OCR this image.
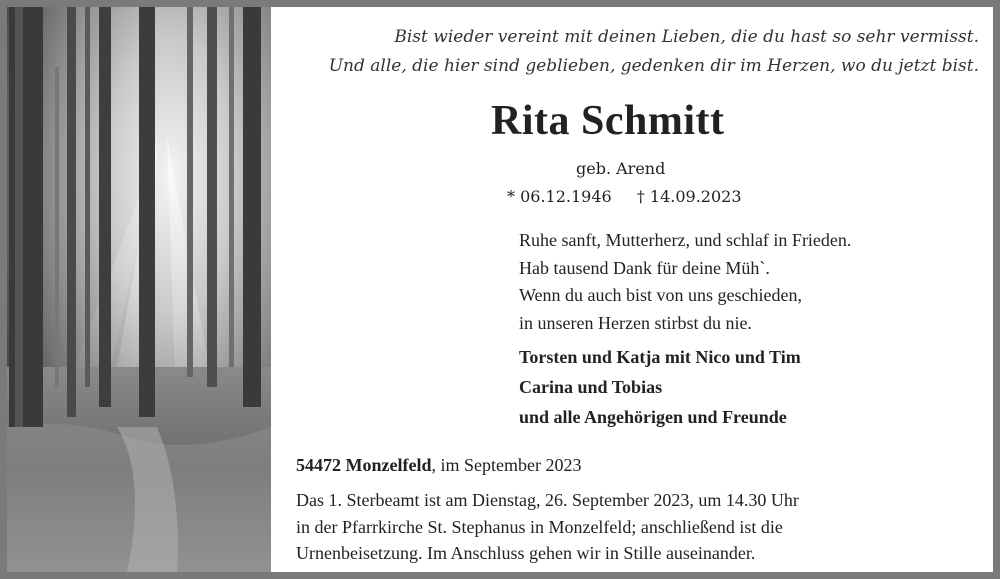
Bist wieder vereint mit deinen Lieben, die du hast so sehr vermisst.
Und alle, die hier sind geblieben, gedenken dir im Herzen, wo du jetzt bist.
Rita Schmitt
geb. Arend
* 06.12.1946 † 14.09.2023
Ruhe sanft, Mutterherz, und schlaf in Frieden.
Hab tausend Dank für deine Müh`.
Wenn du auch bist von uns geschieden,
in unseren Herzen stirbst du nie.
Torsten und Katja mit Nico und Tim
Carina und Tobias
und alle Angehörigen und Freunde
54472 Monzelfeld, im September 2023
Das 1. Sterbeamt ist am Dienstag, 26. September 2023, um 14.30 Uhr
in der Pfarrkirche St. Stephanus in Monzelfeld; anschließend ist die
Urnenbeisetzung. Im Anschluss gehen wir in Stille auseinander.
